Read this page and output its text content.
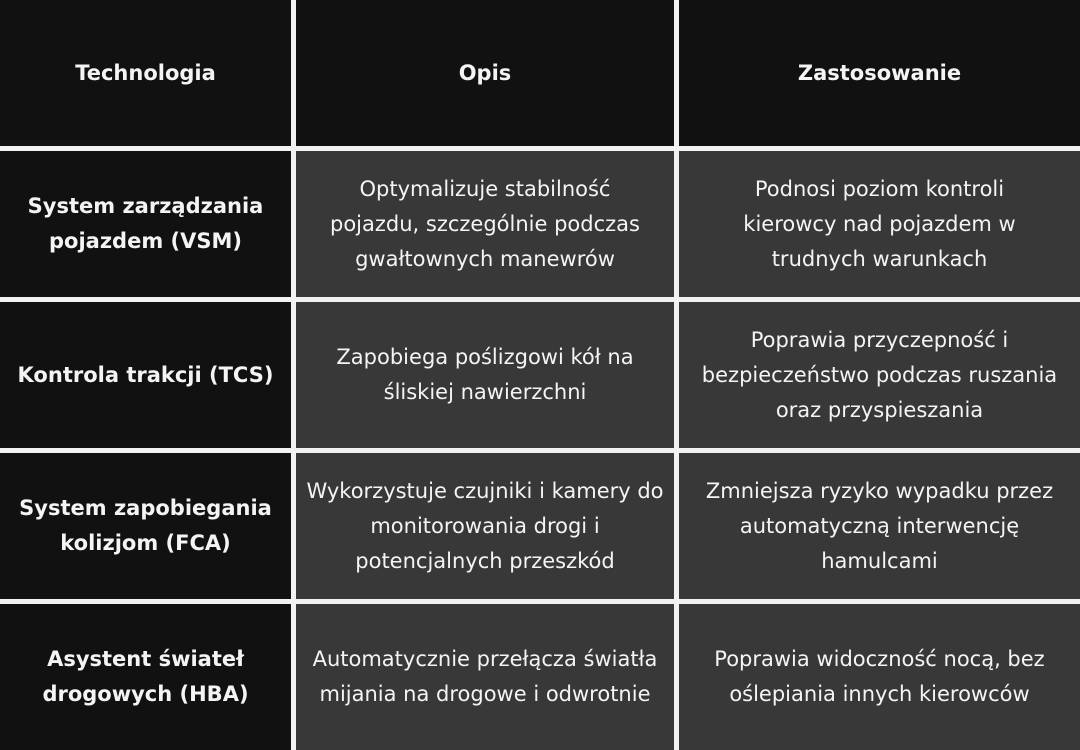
Technologia	Opis	Zastosowanie
System zarządzania pojazdem (VSM)
Optymalizuje stabilność pojazdu, szczególnie podczas gwałtownych manewrów
Podnosi poziom kontroli kierowcy nad pojazdem w trudnych warunkach
Kontrola trakcji (TCS)
Zapobiega poślizgowi kół na śliskiej nawierzchni
Poprawia przyczepność i bezpieczeństwo podczas ruszania oraz przyspieszania
System zapobiegania kolizjom (FCA)
Wykorzystuje czujniki i kamery do monitorowania drogi i potencjalnych przeszkód
Zmniejsza ryzyko wypadku przez automatyczną interwencję hamulcami
Asystent świateł drogowych (HBA)
Automatycznie przełącza światła mijania na drogowe i odwrotnie
Poprawia widoczność nocą, bez oślepiania innych kierowców
